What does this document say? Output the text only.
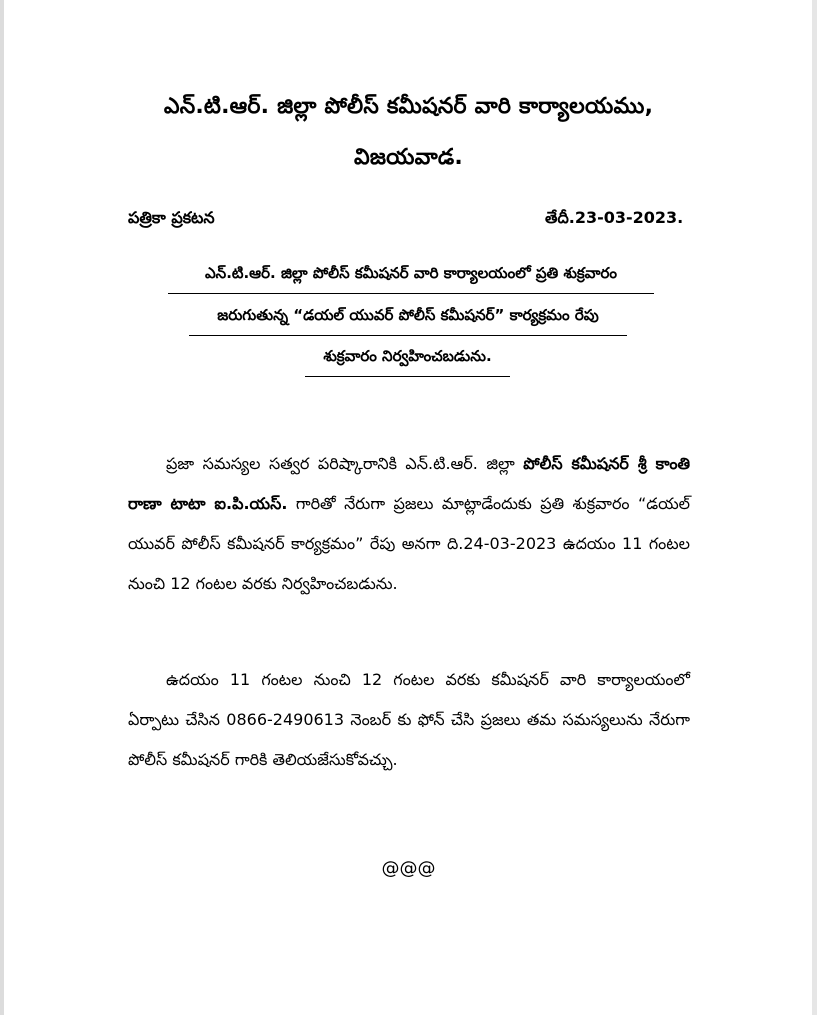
ఎన్.టి.ఆర్. జిల్లా పోలీస్ కమీషనర్ వారి కార్యాలయము,
విజయవాడ.
పత్రికా ప్రకటన	తేదీ.23-03-2023.
ఎన్.టి.ఆర్. జిల్లా పోలీస్ కమీషనర్ వారి కార్యాలయంలో ప్రతి శుక్రవారం
జరుగుతున్న “డయల్ యువర్ పోలీస్ కమీషనర్” కార్యక్రమం రేపు
శుక్రవారం నిర్వహించబడును.
ప్రజా సమస్యల సత్వర పరిష్కారానికి ఎన్.టి.ఆర్. జిల్లా పోలీస్ కమీషనర్ శ్రీ కాంతి రాణా టాటా ఐ.పి.యస్. గారితో నేరుగా ప్రజలు మాట్లాడేందుకు ప్రతి శుక్రవారం “డయల్ యువర్ పోలీస్ కమీషనర్ కార్యక్రమం” రేపు అనగా ది.24-03-2023 ఉదయం 11 గంటల నుంచి 12 గంటల వరకు నిర్వహించబడును.
ఉదయం 11 గంటల నుంచి 12 గంటల వరకు కమీషనర్ వారి కార్యాలయంలో ఏర్పాటు చేసిన 0866-2490613 నెంబర్ కు ఫోన్ చేసి ప్రజలు తమ సమస్యలును నేరుగా పోలీస్ కమీషనర్ గారికి తెలియజేసుకోవచ్చు.
@@@
